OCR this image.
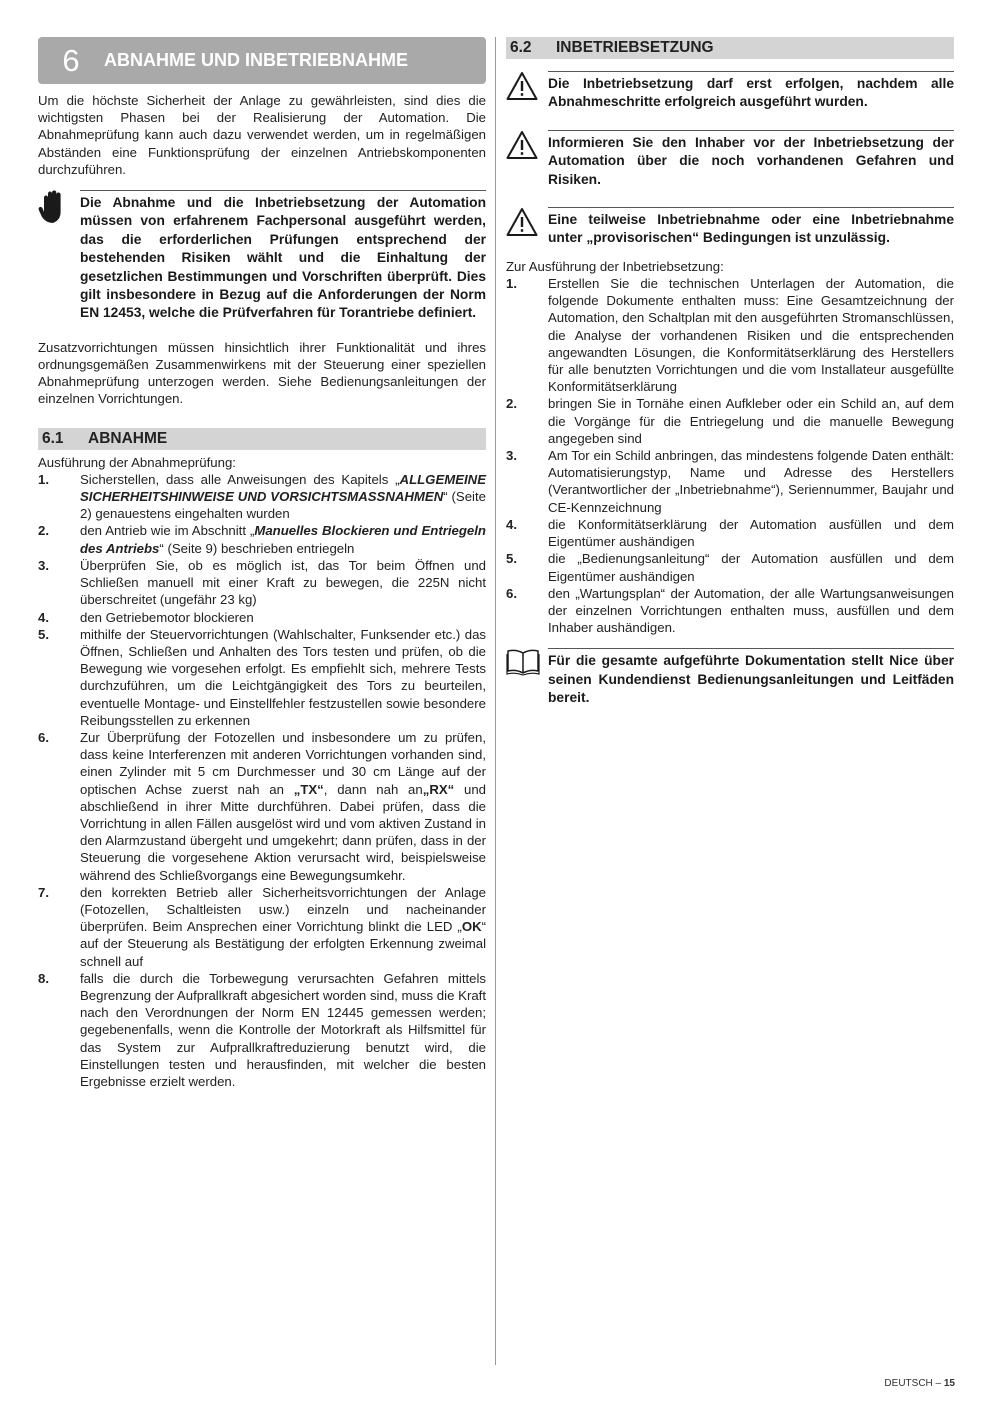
6	ABNAHME UND INBETRIEBNAHME

Um die höchste Sicherheit der Anlage zu gewährleisten, sind dies die wichtigsten Phasen bei der Realisierung der Automation. Die Abnahmeprüfung kann auch dazu verwendet werden, um in regelmäßigen Abständen eine Funktionsprüfung der einzelnen Antriebskomponenten durchzuführen.

Die Abnahme und die Inbetriebsetzung der Automation müssen von erfahrenem Fachpersonal ausgeführt werden, das die erforderlichen Prüfungen entsprechend der bestehenden Risiken wählt und die Einhaltung der gesetzlichen Bestimmungen und Vorschriften überprüft. Dies gilt insbesondere in Bezug auf die Anforderungen der Norm EN 12453, welche die Prüfverfahren für Torantriebe definiert.

Zusatzvorrichtungen müssen hinsichtlich ihrer Funktionalität und ihres ordnungsgemäßen Zusammenwirkens mit der Steuerung einer speziellen Abnahmeprüfung unterzogen werden. Siehe Bedienungsanleitungen der einzelnen Vorrichtungen.

6.1	ABNAHME

Ausführung der Abnahmeprüfung:

1.	Sicherstellen, dass alle Anweisungen des Kapitels „ALLGEMEINE SICHERHEITSHINWEISE UND VORSICHTSMASSNAHMEN“ (Seite 2) genauestens eingehalten wurden
2.	den Antrieb wie im Abschnitt „Manuelles Blockieren und Entriegeln des Antriebs“ (Seite 9) beschrieben entriegeln
3.	Überprüfen Sie, ob es möglich ist, das Tor beim Öffnen und Schließen manuell mit einer Kraft zu bewegen, die 225N nicht überschreitet (ungefähr 23 kg)
4.	den Getriebemotor blockieren
5.	mithilfe der Steuervorrichtungen (Wahlschalter, Funksender etc.) das Öffnen, Schließen und Anhalten des Tors testen und prüfen, ob die Bewegung wie vorgesehen erfolgt. Es empfiehlt sich, mehrere Tests durchzuführen, um die Leichtgängigkeit des Tors zu beurteilen, eventuelle Montage- und Einstellfehler festzustellen sowie besondere Reibungsstellen zu erkennen
6.	Zur Überprüfung der Fotozellen und insbesondere um zu prüfen, dass keine Interferenzen mit anderen Vorrichtungen vorhanden sind, einen Zylinder mit 5 cm Durchmesser und 30 cm Länge auf der optischen Achse zuerst nah an „TX“, dann nah an„RX“ und abschließend in ihrer Mitte durchführen. Dabei prüfen, dass die Vorrichtung in allen Fällen ausgelöst wird und vom aktiven Zustand in den Alarmzustand übergeht und umgekehrt; dann prüfen, dass in der Steuerung die vorgesehene Aktion verursacht wird, beispielsweise während des Schließvorgangs eine Bewegungsumkehr.
7.	den korrekten Betrieb aller Sicherheitsvorrichtungen der Anlage (Fotozellen, Schaltleisten usw.) einzeln und nacheinander überprüfen. Beim Ansprechen einer Vorrichtung blinkt die LED „OK“ auf der Steuerung als Bestätigung der erfolgten Erkennung zweimal schnell auf
8.	falls die durch die Torbewegung verursachten Gefahren mittels Begrenzung der Aufprallkraft abgesichert worden sind, muss die Kraft nach den Verordnungen der Norm EN 12445 gemessen werden; gegebenenfalls, wenn die Kontrolle der Motorkraft als Hilfsmittel für das System zur Aufprallkraftreduzierung benutzt wird, die Einstellungen testen und herausfinden, mit welcher die besten Ergebnisse erzielt werden.
6.2	INBETRIEBSETZUNG

Die Inbetriebsetzung darf erst erfolgen, nachdem alle Abnahmeschritte erfolgreich ausgeführt wurden.

Informieren Sie den Inhaber vor der Inbetriebsetzung der Automation über die noch vorhandenen Gefahren und Risiken.

Eine teilweise Inbetriebnahme oder eine Inbetriebnahme unter „provisorischen“ Bedingungen ist unzulässig.

Zur Ausführung der Inbetriebsetzung:

1.	Erstellen Sie die technischen Unterlagen der Automation, die folgende Dokumente enthalten muss: Eine Gesamtzeichnung der Automation, den Schaltplan mit den ausgeführten Stromanschlüssen, die Analyse der vorhandenen Risiken und die entsprechenden angewandten Lösungen, die Konformitätserklärung des Herstellers für alle benutzten Vorrichtungen und die vom Installateur ausgefüllte Konformitätserklärung
2.	bringen Sie in Tornähe einen Aufkleber oder ein Schild an, auf dem die Vorgänge für die Entriegelung und die manuelle Bewegung angegeben sind
3.	Am Tor ein Schild anbringen, das mindestens folgende Daten enthält: Automatisierungstyp, Name und Adresse des Herstellers (Verantwortlicher der „Inbetriebnahme“), Seriennummer, Baujahr und CE-Kennzeichnung
4.	die Konformitätserklärung der Automation ausfüllen und dem Eigentümer aushändigen
5.	die „Bedienungsanleitung“ der Automation ausfüllen und dem Eigentümer aushändigen
6.	den „Wartungsplan“ der Automation, der alle Wartungsanweisungen der einzelnen Vorrichtungen enthalten muss, ausfüllen und dem Inhaber aushändigen.

Für die gesamte aufgeführte Dokumentation stellt Nice über seinen Kundendienst Bedienungsanleitungen und Leitfäden bereit.

DEUTSCH – 15
